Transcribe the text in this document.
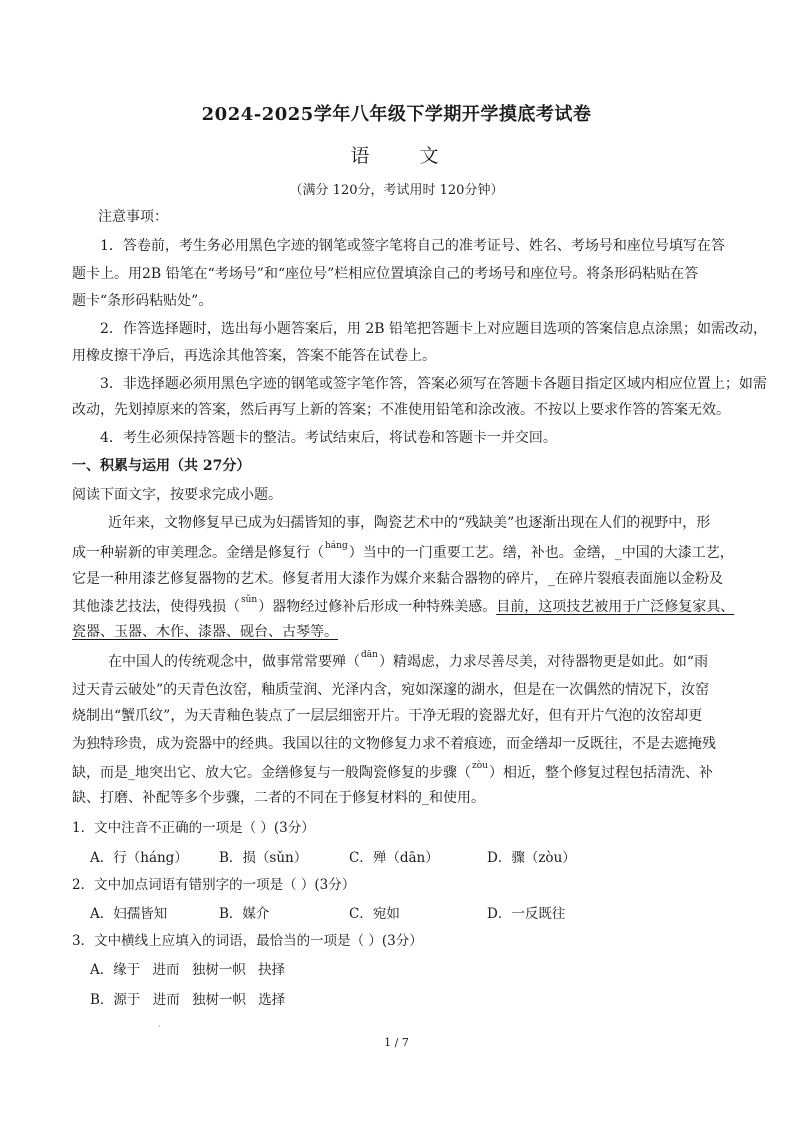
2024-2025学年八年级下学期开学摸底考试卷
语 文
（满分 120分，考试用时 120分钟）
注意事项：
1．答卷前，考生务必用黑色字迹的钢笔或签字笔将自己的准考证号、姓名、考场号和座位号填写在答
题卡上。用2B 铅笔在“考场号”和“座位号”栏相应位置填涂自己的考场号和座位号。将条形码粘贴在答
题卡“条形码粘贴处”。
2．作答选择题时，选出每小题答案后，用 2B 铅笔把答题卡上对应题目选项的答案信息点涂黑；如需改动，
用橡皮擦干净后，再选涂其他答案，答案不能答在试卷上。
3．非选择题必须用黑色字迹的钢笔或签字笔作答，答案必须写在答题卡各题目指定区域内相应位置上；如需
改动，先划掉原来的答案，然后再写上新的答案；不准使用铅笔和涂改液。不按以上要求作答的答案无效。
4．考生必须保持答题卡的整洁。考试结束后，将试卷和答题卡一并交回。
一、积累与运用（共 27分）
阅读下面文字，按要求完成小题。
近年来，文物修复早已成为妇孺皆知的事，陶瓷艺术中的“残缺美”也逐渐出现在人们的视野中，形
成一种崭新的审美理念。金缮是修复行（$^{háng}$）当中的一门重要工艺。缮，补也。金缮，_中国的大漆工艺，
它是一种用漆艺修复器物的艺术。修复者用大漆作为媒介来黏合器物的碎片，_在碎片裂痕表面施以金粉及
其他漆艺技法，使得残损（$^{sǔn}$）器物经过修补后形成一种特殊美感。目前，这项技艺被用于广泛修复家具、
瓷器、玉器、木作、漆器、砚台、古琴等。
在中国人的传统观念中，做事常常要殚（$^{dān}$）精竭虑，力求尽善尽美，对待器物更是如此。如“雨
过天青云破处”的天青色汝窑，釉质莹润、光泽内含，宛如深邃的湖水，但是在一次偶然的情况下，汝窑
烧制出“蟹爪纹”，为天青釉色装点了一层层细密开片。干净无瑕的瓷器尤好，但有开片气泡的汝窑却更
为独特珍贵，成为瓷器中的经典。我国以往的文物修复力求不着痕迹，而金缮却一反既往，不是去遮掩残
缺，而是_地突出它、放大它。金缮修复与一般陶瓷修复的步骤（$^{zòu}$）相近，整个修复过程包括清洗、补
缺、打磨、补配等多个步骤，二者的不同在于修复材料的_和使用。
1．文中注音不正确的一项是（ ）(3分）
A．行（háng） B．损（sǔn）	C．殚（dān）	D．骤（zòu）
2．文中加点词语有错别字的一项是（ ）(3分）
A．妇孺皆知	B．媒介	C．宛如	D．一反既往
3．文中横线上应填入的词语，最恰当的一项是（ ）(3分）
A．缘于 进而 独树一帜 抉择
B．源于 进而 独树一帜 选择
·
1 / 7
